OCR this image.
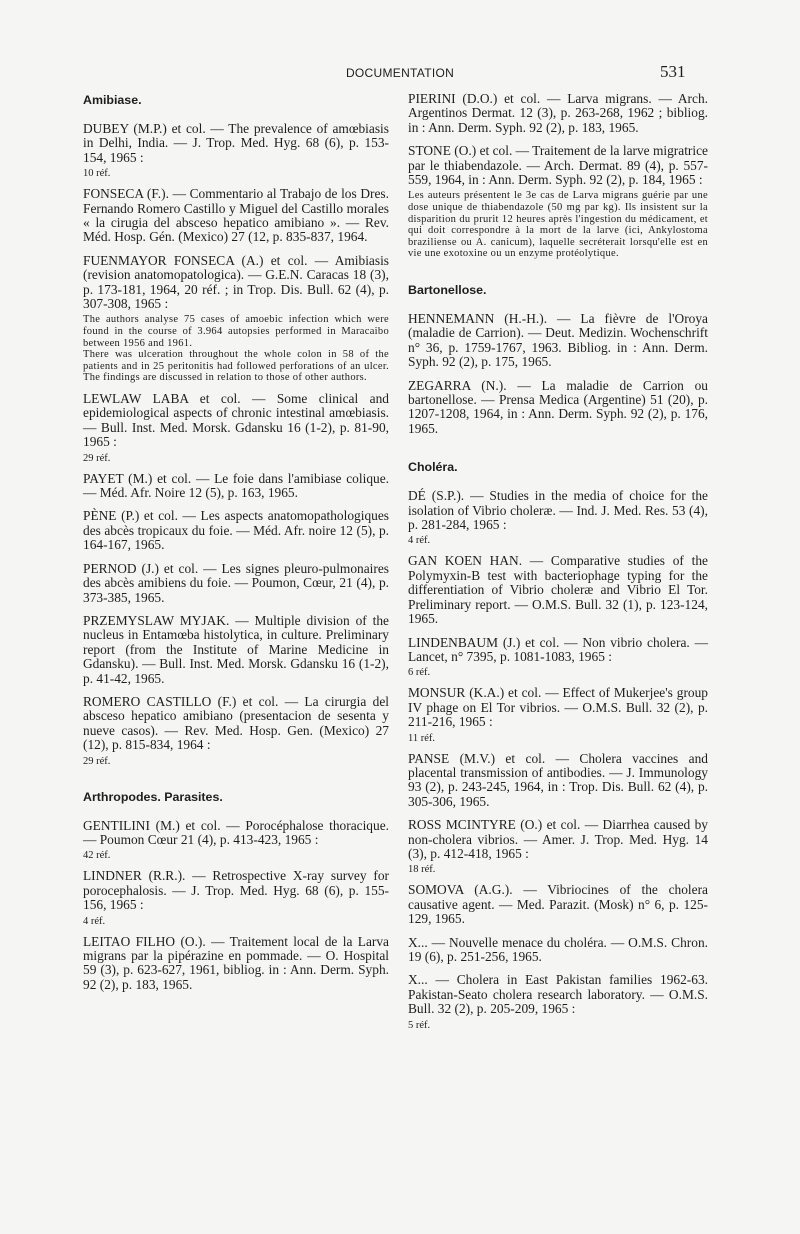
DOCUMENTATION	531

Amibiase.

DUBEY (M.P.) et col. — The prevalence of amœbiasis in Delhi, India. — J. Trop. Med. Hyg. 68 (6), p. 153-154, 1965 :

10 réf.

FONSECA (F.). — Commentario al Trabajo de los Dres. Fernando Romero Castillo y Miguel del Castillo morales « la cirugia del absceso hepatico amibiano ». — Rev. Méd. Hosp. Gén. (Mexico) 27 (12, p. 835-837, 1964.

FUENMAYOR FONSECA (A.) et col. — Amibiasis (revision anatomopatologica). — G.E.N. Caracas 18 (3), p. 173-181, 1964, 20 réf. ; in Trop. Dis. Bull. 62 (4), p. 307-308, 1965 :

The authors analyse 75 cases of amoebic infection which were found in the course of 3.964 autopsies performed in Maracaibo between 1956 and 1961.

There was ulceration throughout the whole colon in 58 of the patients and in 25 peritonitis had followed perforations of an ulcer. The findings are discussed in relation to those of other authors.

LEWLAW LABA et col. — Some clinical and epidemiological aspects of chronic intestinal amœbiasis. — Bull. Inst. Med. Morsk. Gdansku 16 (1-2), p. 81-90, 1965 :

29 réf.

PAYET (M.) et col. — Le foie dans l'amibiase colique. — Méd. Afr. Noire 12 (5), p. 163, 1965.

PÈNE (P.) et col. — Les aspects anatomopathologiques des abcès tropicaux du foie. — Méd. Afr. noire 12 (5), p. 164-167, 1965.

PERNOD (J.) et col. — Les signes pleuro-pulmonaires des abcès amibiens du foie. — Poumon, Cœur, 21 (4), p. 373-385, 1965.

PRZEMYSLAW MYJAK. — Multiple division of the nucleus in Entamœba histolytica, in culture. Preliminary report (from the Institute of Marine Medicine in Gdansku). — Bull. Inst. Med. Morsk. Gdansku 16 (1-2), p. 41-42, 1965.

ROMERO CASTILLO (F.) et col. — La cirurgia del absceso hepatico amibiano (presentacion de sesenta y nueve casos). — Rev. Med. Hosp. Gen. (Mexico) 27 (12), p. 815-834, 1964 :

29 réf.

Arthropodes. Parasites.

GENTILINI (M.) et col. — Porocéphalose thoracique. — Poumon Cœur 21 (4), p. 413-423, 1965 :

42 réf.

LINDNER (R.R.). — Retrospective X-ray survey for porocephalosis. — J. Trop. Med. Hyg. 68 (6), p. 155-156, 1965 :

4 réf.

LEITAO FILHO (O.). — Traitement local de la Larva migrans par la pipérazine en pommade. — O. Hospital 59 (3), p. 623-627, 1961, bibliog. in : Ann. Derm. Syph. 92 (2), p. 183, 1965.

PIERINI (D.O.) et col. — Larva migrans. — Arch. Argentinos Dermat. 12 (3), p. 263-268, 1962 ; bibliog. in : Ann. Derm. Syph. 92 (2), p. 183, 1965.

STONE (O.) et col. — Traitement de la larve migratrice par le thiabendazole. — Arch. Dermat. 89 (4), p. 557-559, 1964, in : Ann. Derm. Syph. 92 (2), p. 184, 1965 :

Les auteurs présentent le 3e cas de Larva migrans guérie par une dose unique de thiabendazole (50 mg par kg). Ils insistent sur la disparition du prurit 12 heures après l'ingestion du médicament, et qui doit correspondre à la mort de la larve (ici, Ankylostoma braziliense ou A. canicum), laquelle secréterait lorsqu'elle est en vie une exotoxine ou un enzyme protéolytique.

Bartonellose.

HENNEMANN (H.-H.). — La fièvre de l'Oroya (maladie de Carrion). — Deut. Medizin. Wochenschrift n° 36, p. 1759-1767, 1963. Bibliog. in : Ann. Derm. Syph. 92 (2), p. 175, 1965.

ZEGARRA (N.). — La maladie de Carrion ou bartonellose. — Prensa Medica (Argentine) 51 (20), p. 1207-1208, 1964, in : Ann. Derm. Syph. 92 (2), p. 176, 1965.

Choléra.

DÉ (S.P.). — Studies in the media of choice for the isolation of Vibrio choleræ. — Ind. J. Med. Res. 53 (4), p. 281-284, 1965 :

4 réf.

GAN KOEN HAN. — Comparative studies of the Polymyxin-B test with bacteriophage typing for the differentiation of Vibrio choleræ and Vibrio El Tor. Preliminary report. — O.M.S. Bull. 32 (1), p. 123-124, 1965.

LINDENBAUM (J.) et col. — Non vibrio cholera. — Lancet, n° 7395, p. 1081-1083, 1965 :

6 réf.

MONSUR (K.A.) et col. — Effect of Mukerjee's group IV phage on El Tor vibrios. — O.M.S. Bull. 32 (2), p. 211-216, 1965 :

11 réf.

PANSE (M.V.) et col. — Cholera vaccines and placental transmission of antibodies. — J. Immunology 93 (2), p. 243-245, 1964, in : Trop. Dis. Bull. 62 (4), p. 305-306, 1965.

ROSS MCINTYRE (O.) et col. — Diarrhea caused by non-cholera vibrios. — Amer. J. Trop. Med. Hyg. 14 (3), p. 412-418, 1965 :

18 réf.

SOMOVA (A.G.). — Vibriocines of the cholera causative agent. — Med. Parazit. (Mosk) n° 6, p. 125-129, 1965.

X... — Nouvelle menace du choléra. — O.M.S. Chron. 19 (6), p. 251-256, 1965.

X... — Cholera in East Pakistan families 1962-63. Pakistan-Seato cholera research laboratory. — O.M.S. Bull. 32 (2), p. 205-209, 1965 :

5 réf.
